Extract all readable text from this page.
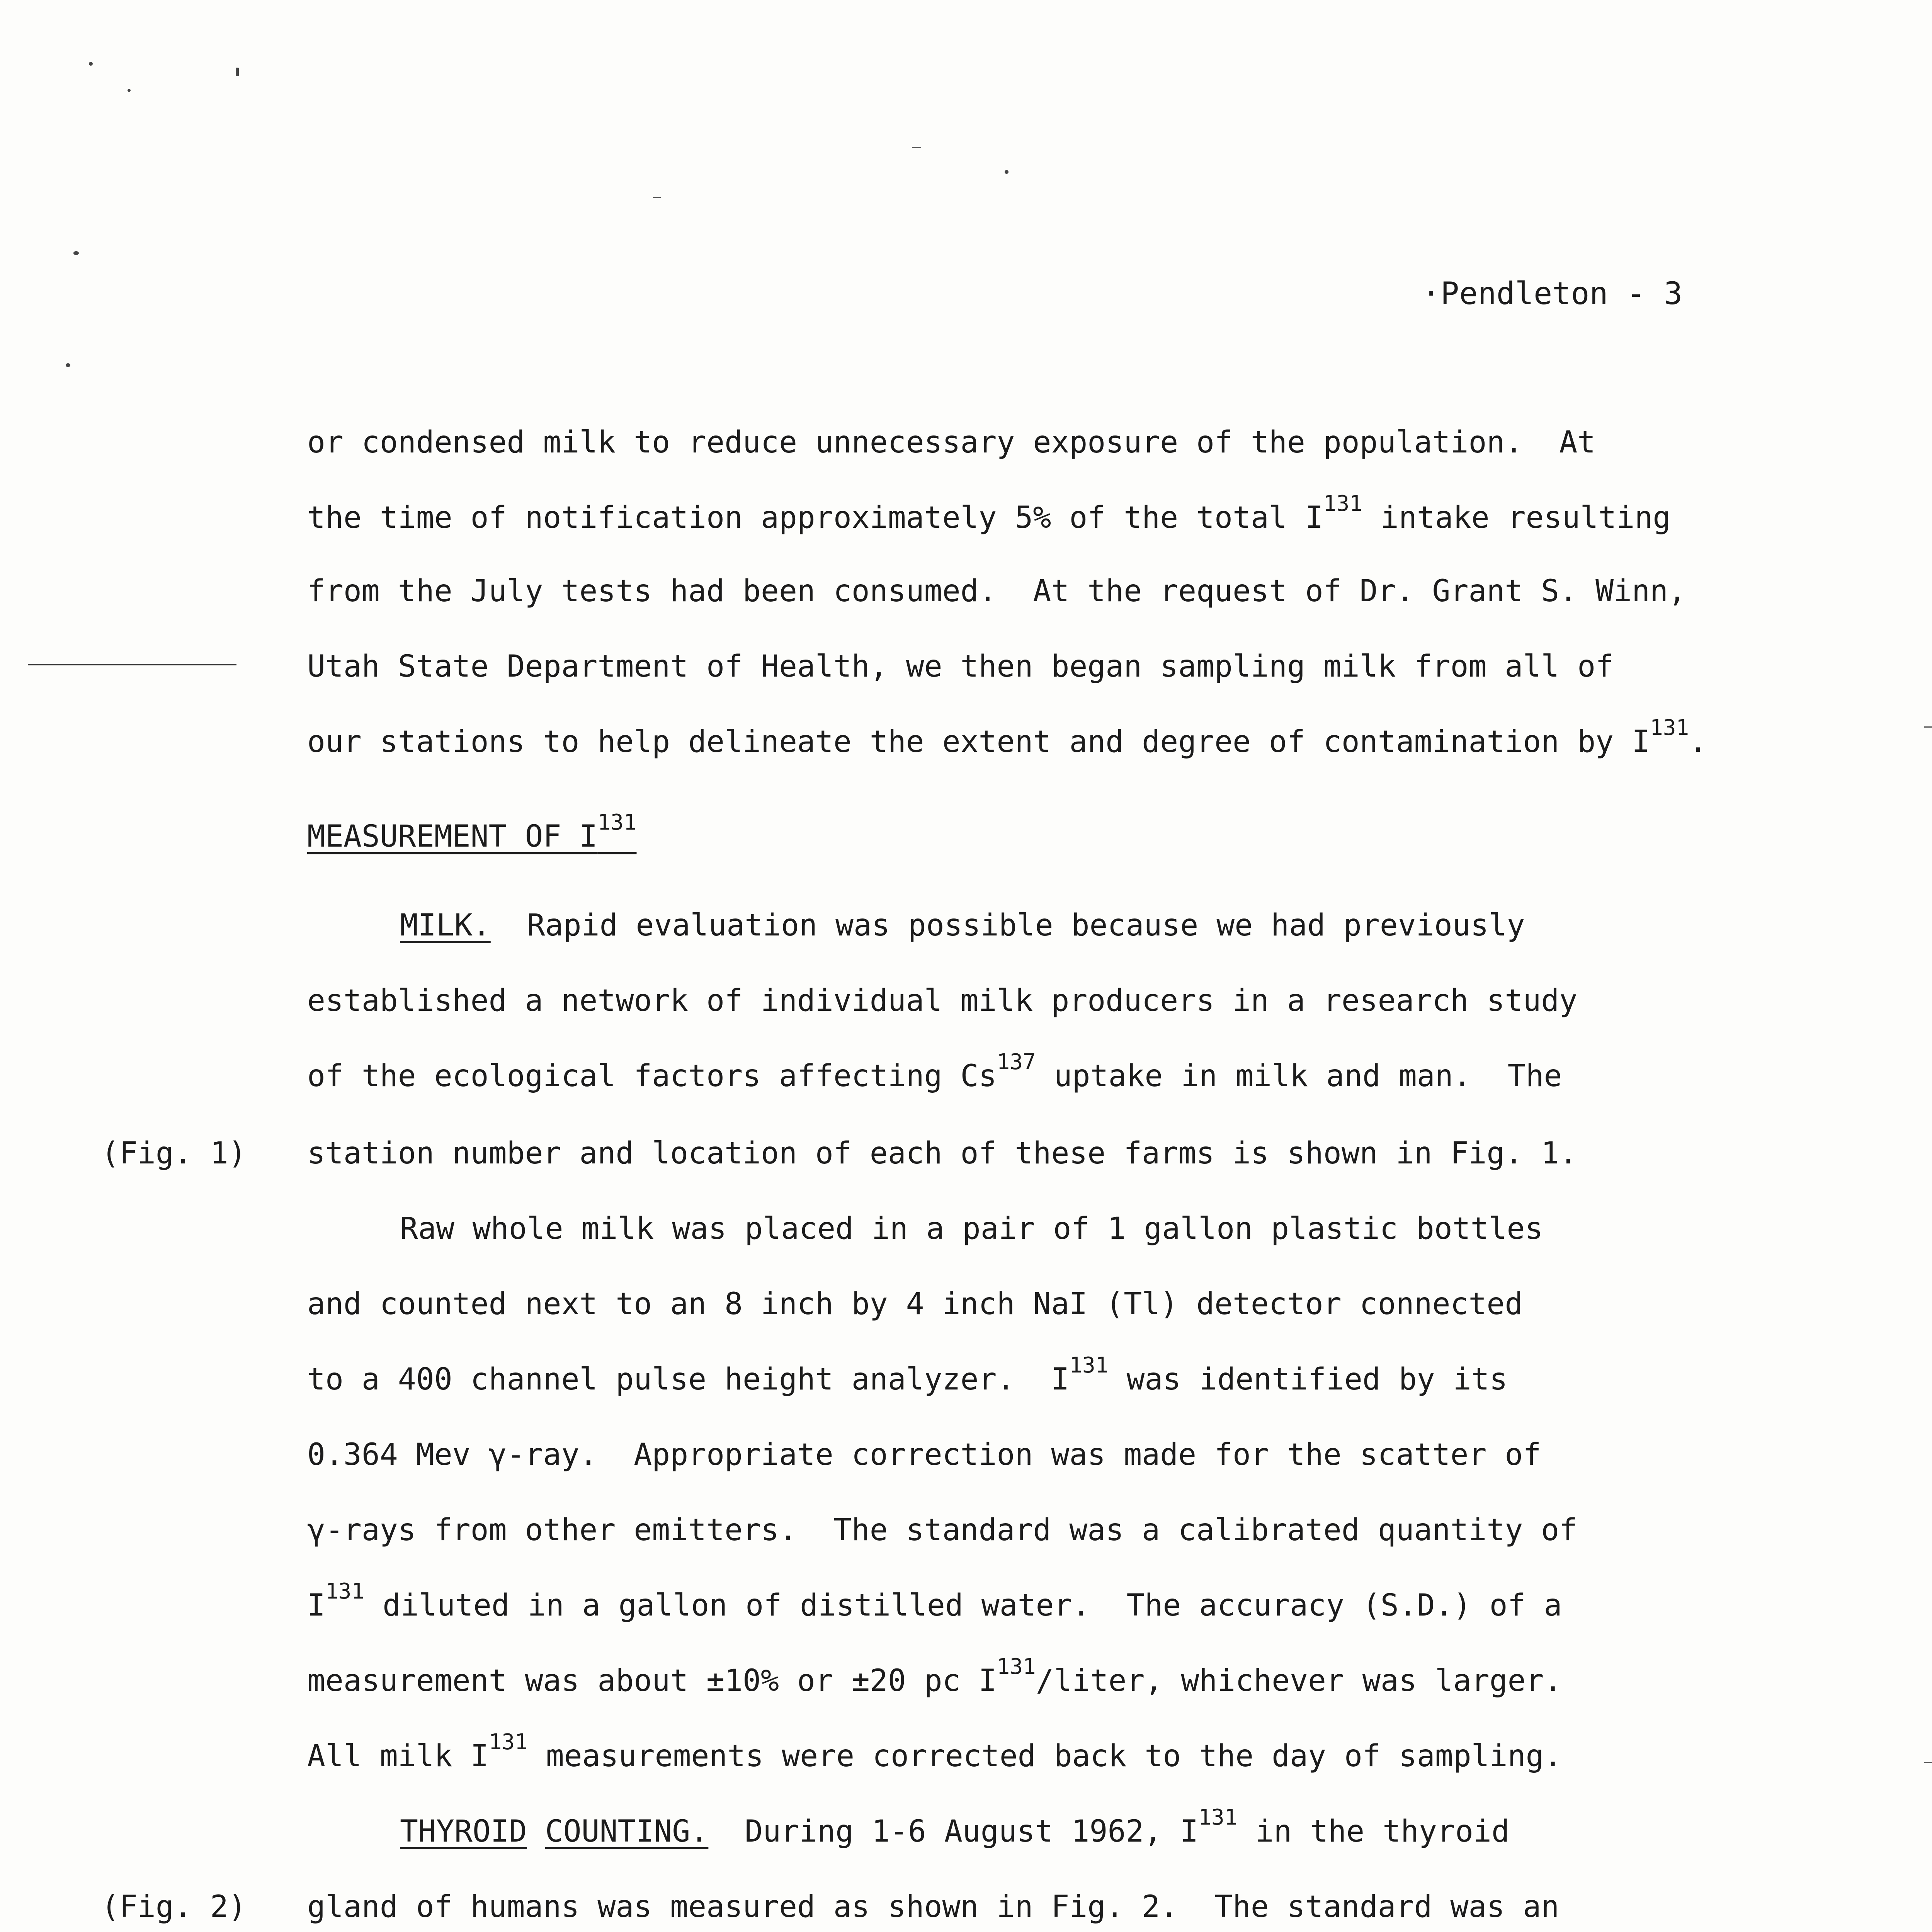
·Pendleton - 3
or condensed milk to reduce unnecessary exposure of the population.  At
the time of notification approximately 5% of the total $I^{131}$ intake resulting
from the July tests had been consumed.  At the request of Dr. Grant S. Winn,
Utah State Department of Health, we then began sampling milk from all of
our stations to help delineate the extent and degree of contamination by $I^{131}$.
MEASUREMENT OF $I^{131}$
MILK.  Rapid evaluation was possible because we had previously
established a network of individual milk producers in a research study
of the ecological factors affecting Cs$^{137}$ uptake in milk and man.  The
(Fig. 1) station number and location of each of these farms is shown in Fig. 1.
Raw whole milk was placed in a pair of 1 gallon plastic bottles
and counted next to an 8 inch by 4 inch NaI (Tl) detector connected
to a 400 channel pulse height analyzer.  $I^{131}$ was identified by its
0.364 Mev γ-ray.  Appropriate correction was made for the scatter of
γ-rays from other emitters.  The standard was a calibrated quantity of
$I^{131}$ diluted in a gallon of distilled water.  The accuracy (S.D.) of a
measurement was about ±10% or ±20 pc $I^{131}$/liter, whichever was larger.
All milk $I^{131}$ measurements were corrected back to the day of sampling.
THYROID COUNTING.  During 1-6 August 1962, $I^{131}$ in the thyroid
(Fig. 2) gland of humans was measured as shown in Fig. 2.  The standard was an
